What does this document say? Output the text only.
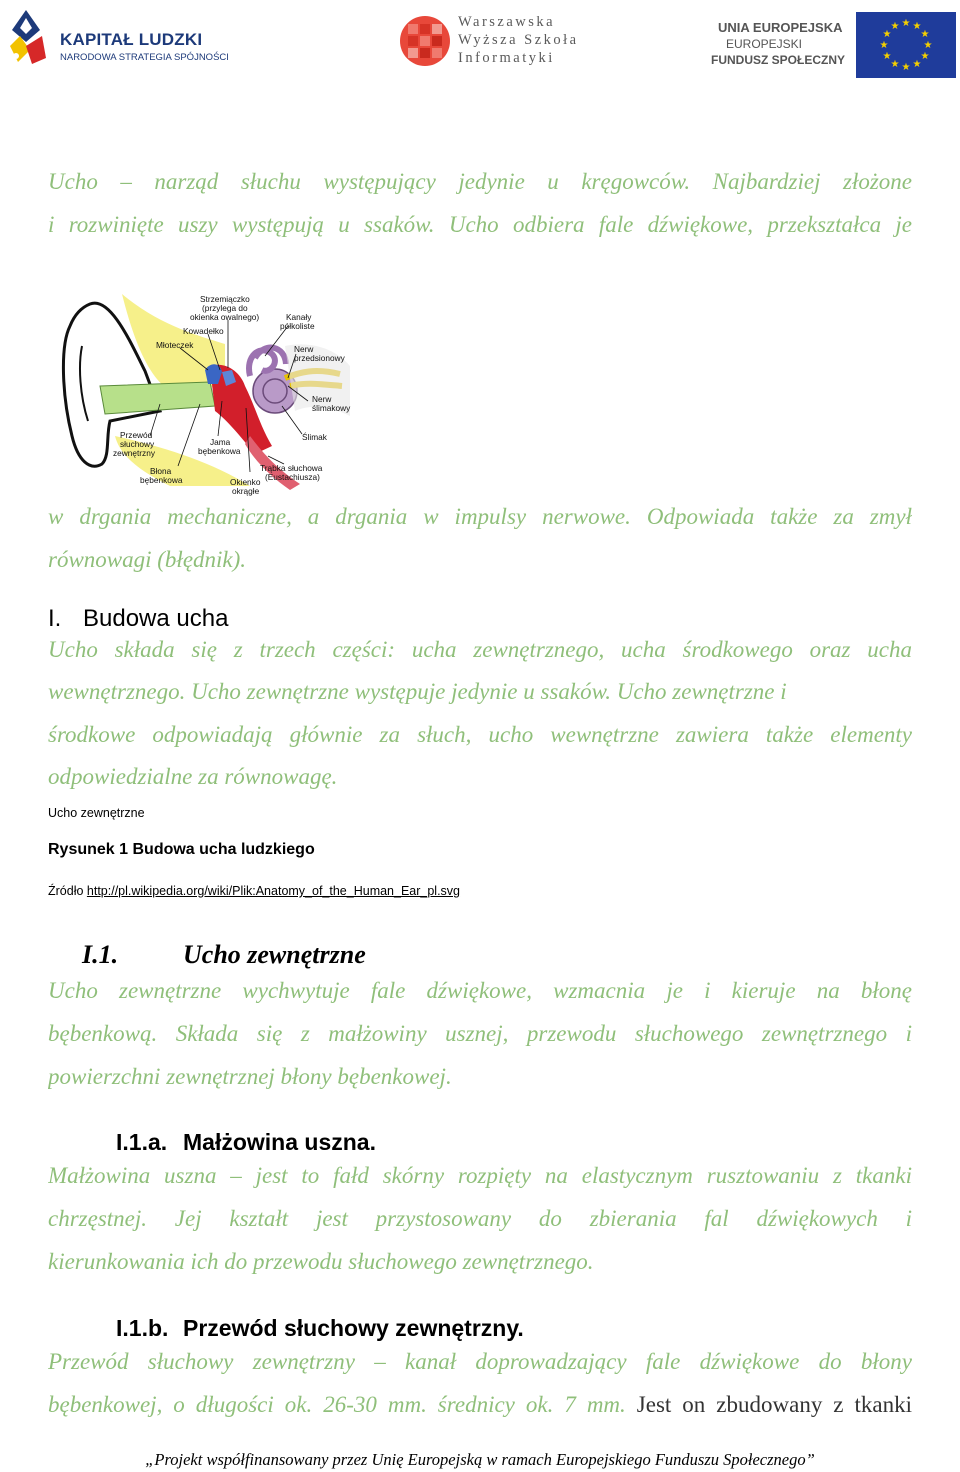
KAPITAŁ LUDZKI
NARODOWA STRATEGIA SPÓJNOŚCI
Warszawska
Wyższa Szkoła
Informatyki
UNIA EUROPEJSKA
EUROPEJSKI
FUNDUSZ SPOŁECZNY
★ ★
★
★
★
★
★
★
★
★
★
★
Ucho – narząd słuchu występujący jedynie u kręgowców. Najbardziej złożone
i rozwinięte uszy występują u ssaków. Ucho odbiera fale dźwiękowe, przekształca je
Strzemiączko
(przylega do
okienka owalnego)
Kowadełko
Młoteczek
Kanały
półkoliste
Nerw
przedsionowy
Nerw
ślimakowy
Ślimak
Przewód
słuchowy
zewnętrzny
Jama
bębenkowa
Błona
bębenkowa
Trąbka słuchowa
(Eustachiusza)
Okienko
okrągłe
w drgania mechaniczne, a drgania w impulsy nerwowe. Odpowiada także za zmył
równowagi (błędnik).
I. Budowa ucha
Ucho składa się z trzech części: ucha zewnętrznego, ucha środkowego oraz ucha
wewnętrznego. Ucho zewnętrzne występuje jedynie u ssaków. Ucho zewnętrzne i
środkowe odpowiadają głównie za słuch, ucho wewnętrzne zawiera także elementy
odpowiedzialne za równowagę.
Ucho zewnętrzne
Rysunek 1 Budowa ucha ludzkiego
Źródło http://pl.wikipedia.org/wiki/Plik:Anatomy_of_the_Human_Ear_pl.svg
I.1. Ucho zewnętrzne
Ucho zewnętrzne wychwytuje fale dźwiękowe, wzmacnia je i kieruje na błonę
bębenkową. Składa się z małżowiny usznej, przewodu słuchowego zewnętrznego i
powierzchni zewnętrznej błony bębenkowej.
I.1.a. Małżowina uszna.
Małżowina uszna – jest to fałd skórny rozpięty na elastycznym rusztowaniu z tkanki
chrzęstnej. Jej kształt jest przystosowany do zbierania fal dźwiękowych i
kierunkowania ich do przewodu słuchowego zewnętrznego.
I.1.b. Przewód słuchowy zewnętrzny.
Przewód słuchowy zewnętrzny – kanał doprowadzający fale dźwiękowe do błony
bębenkowej, o długości ok. 26-30 mm. średnicy ok. 7 mm. Jest on zbudowany z tkanki
„Projekt współfinansowany przez Unię Europejską w ramach Europejskiego Funduszu Społecznego”
